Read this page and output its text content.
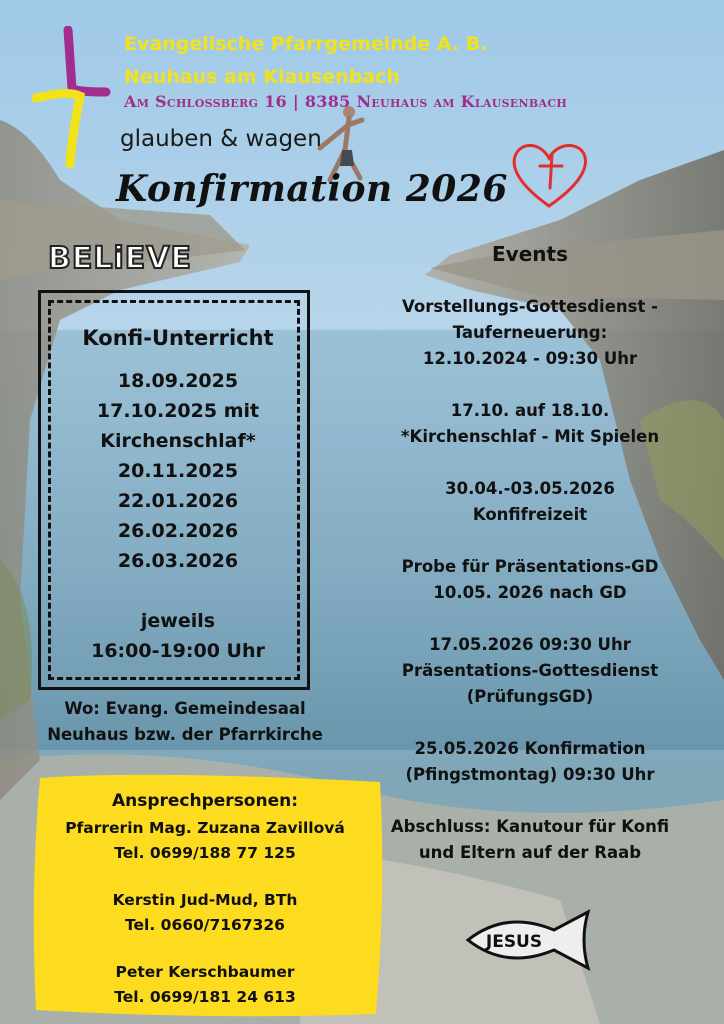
Evangelische Pfarrgemeinde A. B.
Neuhaus am Klausenbach
Am Schlossberg 16 | 8385 Neuhaus am Klausenbach
glauben & wagen
Konfirmation 2026
BELiEVE
Konfi-Unterricht
18.09.2025
17.10.2025 mit
Kirchenschlaf*
20.11.2025
22.01.2026
26.02.2026
26.03.2026
jeweils
16:00-19:00 Uhr
Wo: Evang. Gemeindesaal
Neuhaus bzw. der Pfarrkirche
Events
Vorstellungs-Gottesdienst -
Tauferneuerung:
12.10.2024 - 09:30 Uhr
17.10. auf 18.10.
*Kirchenschlaf - Mit Spielen
30.04.-03.05.2026
Konfifreizeit
Probe für Präsentations-GD
10.05. 2026 nach GD
17.05.2026 09:30 Uhr
Präsentations-Gottesdienst
(PrüfungsGD)
25.05.2026 Konfirmation
(Pfingstmontag) 09:30 Uhr
Abschluss: Kanutour für Konfi
und Eltern auf der Raab
Ansprechpersonen:
Pfarrerin Mag. Zuzana Zavillová
Tel. 0699/188 77 125
Kerstin Jud-Mud, BTh
Tel. 0660/7167326
Peter Kerschbaumer
Tel. 0699/181 24 613
JESUS
